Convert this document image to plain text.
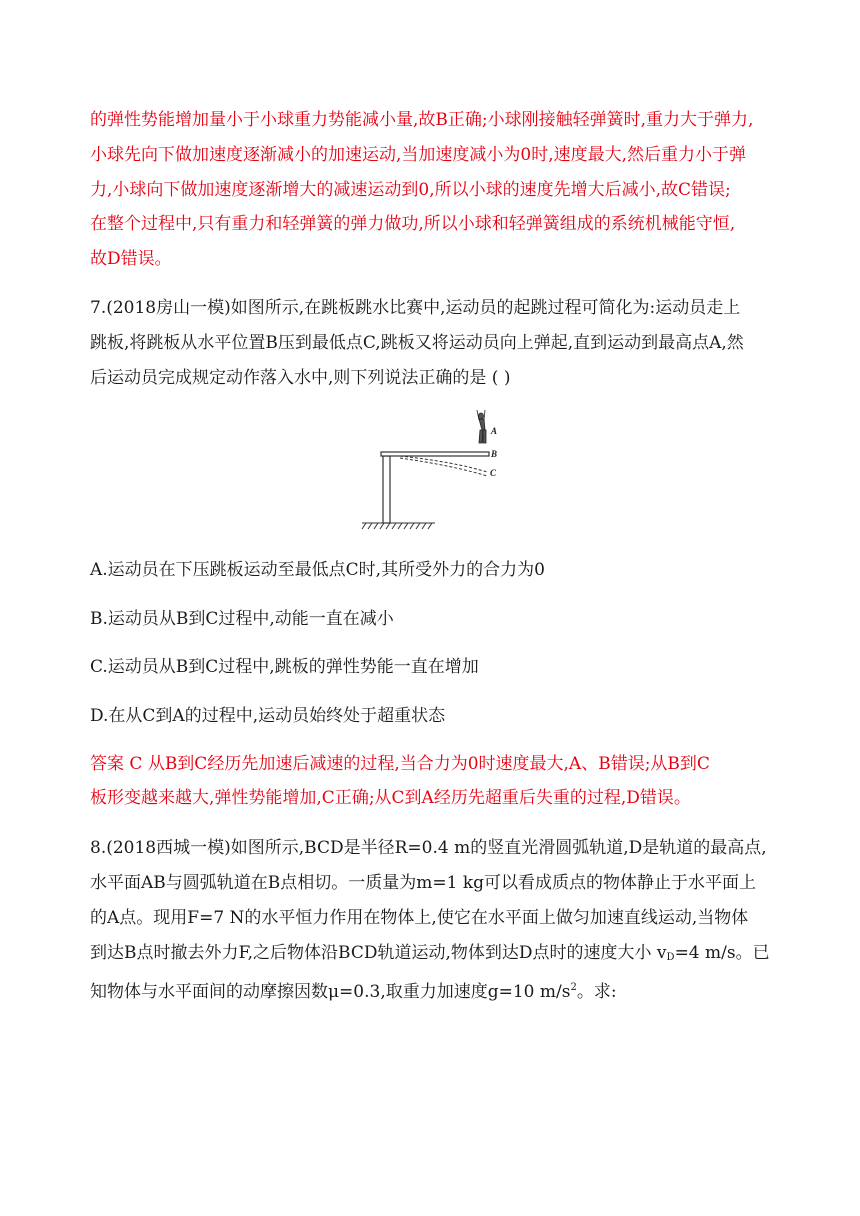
的弹性势能增加量小于小球重力势能减小量,故B正确;小球刚接触轻弹簧时,重力大于弹力,
小球先向下做加速度逐渐减小的加速运动,当加速度减小为0时,速度最大,然后重力小于弹
力,小球向下做加速度逐渐增大的减速运动到0,所以小球的速度先增大后减小,故C错误;
在整个过程中,只有重力和轻弹簧的弹力做功,所以小球和轻弹簧组成的系统机械能守恒,
故D错误。
7.(2018房山一模)如图所示,在跳板跳水比赛中,运动员的起跳过程可简化为:运动员走上
跳板,将跳板从水平位置B压到最低点C,跳板又将运动员向上弹起,直到运动到最高点A,然
后运动员完成规定动作落入水中,则下列说法正确的是 ( )
A
B
C
A.运动员在下压跳板运动至最低点C时,其所受外力的合力为0
B.运动员从B到C过程中,动能一直在减小
C.运动员从B到C过程中,跳板的弹性势能一直在增加
D.在从C到A的过程中,运动员始终处于超重状态
答案 C 从B到C经历先加速后减速的过程,当合力为0时速度最大,A、B错误;从B到C
板形变越来越大,弹性势能增加,C正确;从C到A经历先超重后失重的过程,D错误。
8.(2018西城一模)如图所示,BCD是半径R=0.4 m的竖直光滑圆弧轨道,D是轨道的最高点,
水平面AB与圆弧轨道在B点相切。一质量为m=1 kg可以看成质点的物体静止于水平面上
的A点。现用F=7 N的水平恒力作用在物体上,使它在水平面上做匀加速直线运动,当物体
到达B点时撤去外力F,之后物体沿BCD轨道运动,物体到达D点时的速度大小 $v_D=4$ m/s。已
知物体与水平面间的动摩擦因数μ=0.3,取重力加速度g=10 $m/s^2$。求:
